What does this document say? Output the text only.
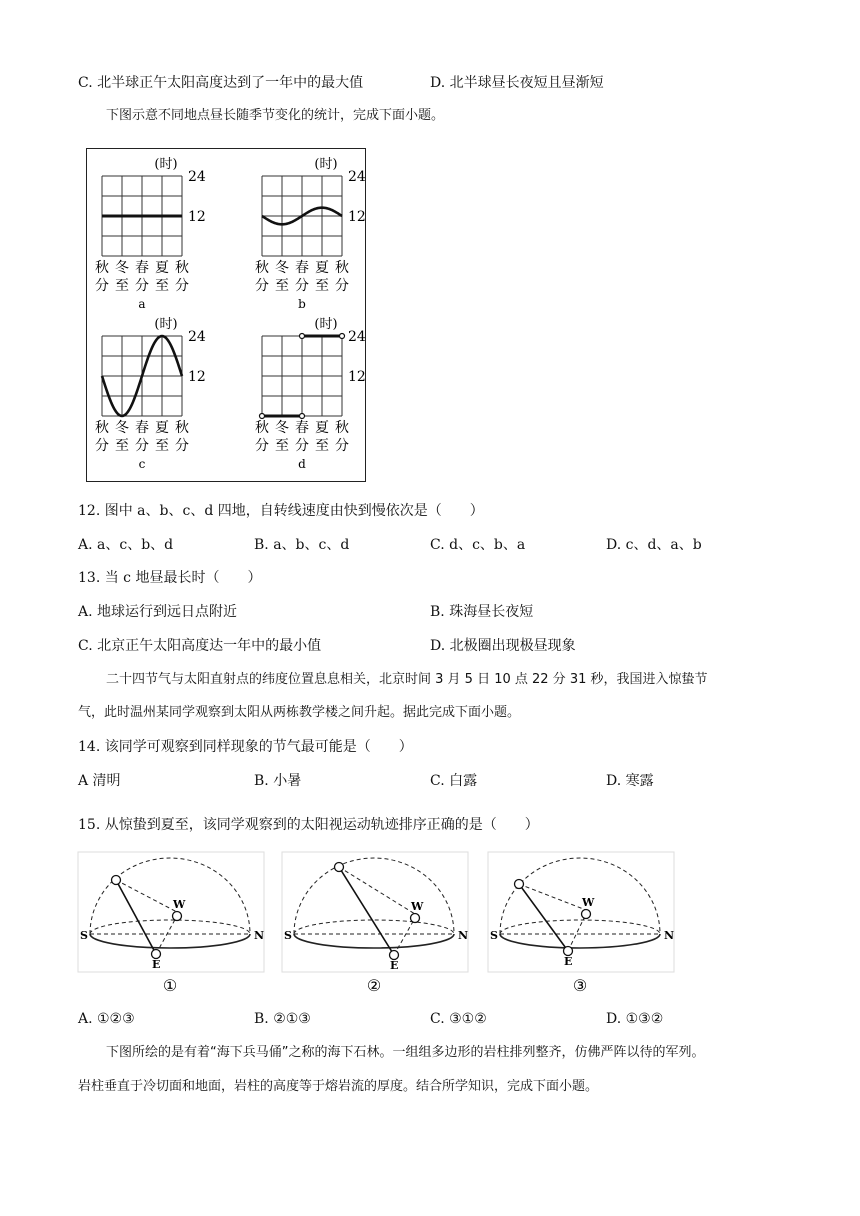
C. 北半球正午太阳高度达到了一年中的最大值	D. 北半球昼长夜短且昼渐短
下图示意不同地点昼长随季节变化的统计，完成下面小题。
(时)
24
12
秋
分
冬
至
春
分
夏
至
秋
分
a
(时)
24
12
秋
分
冬
至
春
分
夏
至
秋
分
b
(时)
24
12
秋
分
冬
至
春
分
夏
至
秋
分
c
(时)
24
12
秋
分
冬
至
春
分
夏
至
秋
分
d
12. 图中 a、b、c、d 四地，自转线速度由快到慢依次是（　　）
A. a、c、b、d	B. a、b、c、d	C. d、c、b、a	D. c、d、a、b
13. 当 c 地昼最长时（　　）
A. 地球运行到远日点附近	B. 珠海昼长夜短
C. 北京正午太阳高度达一年中的最小值	D. 北极圈出现极昼现象
二十四节气与太阳直射点的纬度位置息息相关，北京时间 3 月 5 日 10 点 22 分 31 秒，我国进入惊蛰节
气，此时温州某同学观察到太阳从两栋教学楼之间升起。据此完成下面小题。
14. 该同学可观察到同样现象的节气最可能是（　　）
A 清明	B. 小暑	C. 白露	D. 寒露
15. 从惊蛰到夏至，该同学观察到的太阳视运动轨迹排序正确的是（　　）
S	N
E
W
①
S	N
E
W
②
S	N
E
W
③
A. ①②③	B. ②①③	C. ③①②	D. ①③②
下图所绘的是有着“海下兵马俑”之称的海下石林。一组组多边形的岩柱排列整齐，仿佛严阵以待的军列。
岩柱垂直于冷切面和地面，岩柱的高度等于熔岩流的厚度。结合所学知识，完成下面小题。
